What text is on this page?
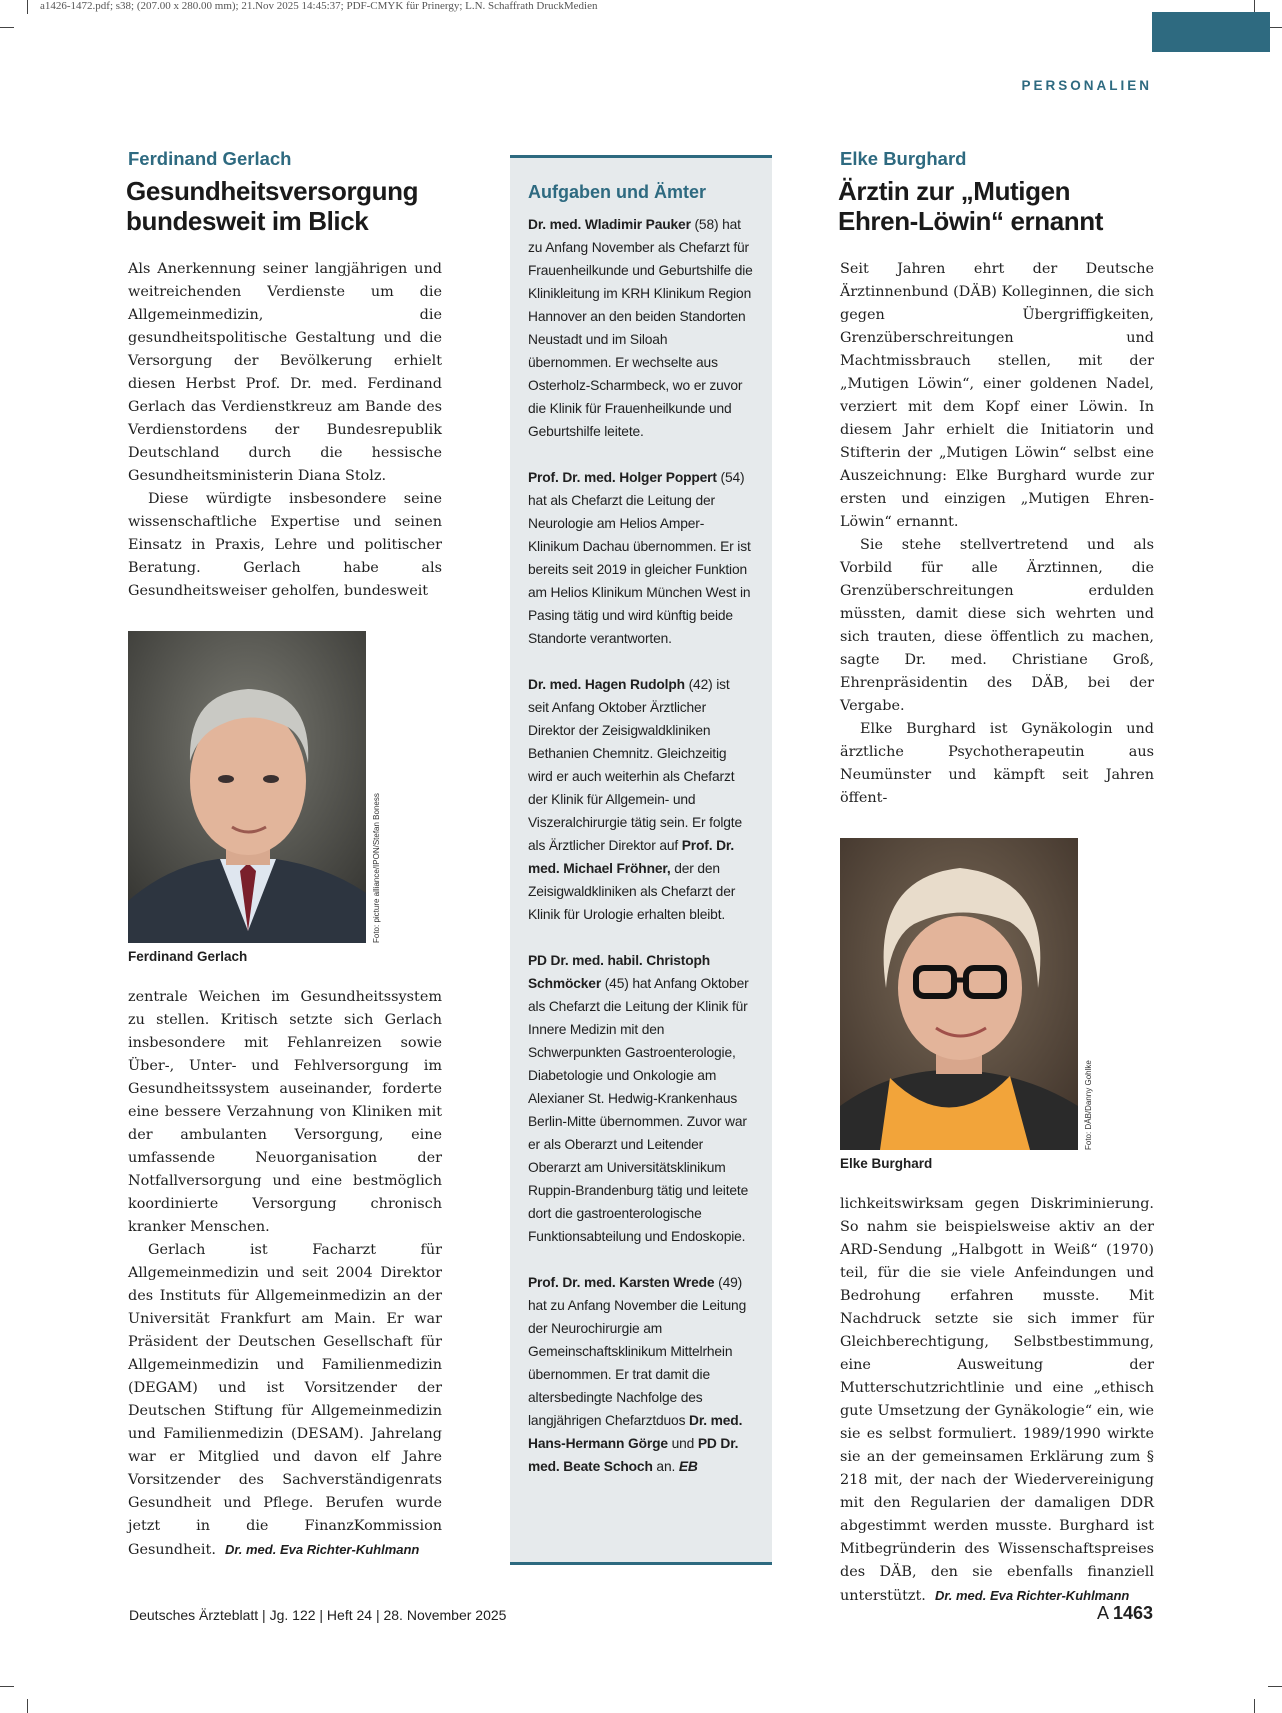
a1426-1472.pdf; s38; (207.00 x 280.00 mm); 21.Nov 2025 14:45:37; PDF-CMYK für Prinergy; L.N. Schaffrath DruckMedien
PERSONALIEN
Ferdinand Gerlach
Gesundheitsversorgung
bundesweit im Blick

Als Anerkennung seiner langjährigen und weitreichenden Verdienste um die Allgemeinmedizin, die gesundheitspolitische Gestaltung und die Versorgung der Bevölkerung erhielt diesen Herbst Prof. Dr. med. Ferdinand Gerlach das Verdienstkreuz am Bande des Verdienstordens der Bundesrepublik Deutschland durch die hessische Gesundheitsministerin Diana Stolz.

Diese würdigte insbesondere seine wissenschaftliche Expertise und seinen Einsatz in Praxis, Lehre und politischer Beratung. Gerlach habe als Gesundheitsweiser geholfen, bundesweit

Foto: picture alliance/IPON/Stefan Boness

Ferdinand Gerlach

zentrale Weichen im Gesundheitssystem zu stellen. Kritisch setzte sich Gerlach insbesondere mit Fehlanreizen sowie Über-, Unter- und Fehlversorgung im Gesundheitssystem auseinander, forderte eine bessere Verzahnung von Kliniken mit der ambulanten Versorgung, eine umfassende Neuorganisation der Notfallversorgung und eine bestmöglich koordinierte Versorgung chronisch kranker Menschen.

Gerlach ist Facharzt für Allgemeinmedizin und seit 2004 Direktor des Instituts für Allgemeinmedizin an der Universität Frankfurt am Main. Er war Präsident der Deutschen Gesellschaft für Allgemeinmedizin und Familienmedizin (DEGAM) und ist Vorsitzender der Deutschen Stiftung für Allgemeinmedizin und Familienmedizin (DESAM). Jahrelang war er Mitglied und davon elf Jahre Vorsitzender des Sachverständigenrats Gesundheit und Pflege. Berufen wurde jetzt in die FinanzKommission Gesundheit. Dr. med. Eva Richter-Kuhlmann

Aufgaben und Ämter

Dr. med. Wladimir Pauker (58) hat zu Anfang November als Chefarzt für Frauenheilkunde und Geburtshilfe die Klinikleitung im KRH Klinikum Region Hannover an den beiden Standorten Neustadt und im Siloah übernommen. Er wechselte aus Osterholz-Scharmbeck, wo er zuvor die Klinik für Frauenheilkunde und Geburtshilfe leitete.

Prof. Dr. med. Holger Poppert (54) hat als Chefarzt die Leitung der Neurologie am Helios Amper-Klinikum Dachau übernommen. Er ist bereits seit 2019 in gleicher Funktion am Helios Klinikum München West in Pasing tätig und wird künftig beide Standorte verantworten.

Dr. med. Hagen Rudolph (42) ist seit Anfang Oktober Ärztlicher Direktor der Zeisigwaldkliniken Bethanien Chemnitz. Gleichzeitig wird er auch weiterhin als Chefarzt der Klinik für Allgemein- und Viszeralchirurgie tätig sein. Er folgte als Ärztlicher Direktor auf Prof. Dr. med. Michael Fröhner, der den Zeisigwaldkliniken als Chefarzt der Klinik für Urologie erhalten bleibt.

PD Dr. med. habil. Christoph Schmöcker (45) hat Anfang Oktober als Chefarzt die Leitung der Klinik für Innere Medizin mit den Schwerpunkten Gastroenterologie, Diabetologie und Onkologie am Alexianer St. Hedwig-Krankenhaus Berlin-Mitte übernommen. Zuvor war er als Oberarzt und Leitender Oberarzt am Universitätsklinikum Ruppin-Brandenburg tätig und leitete dort die gastroenterologische Funktionsabteilung und Endoskopie.

Prof. Dr. med. Karsten Wrede (49) hat zu Anfang November die Leitung der Neurochirurgie am Gemeinschaftsklinikum Mittelrhein übernommen. Er trat damit die altersbedingte Nachfolge des langjährigen Chefarztduos Dr. med. Hans-Hermann Görge und PD Dr. med. Beate Schoch an. EB

Elke Burghard
Ärztin zur „Mutigen
Ehren-Löwin“ ernannt

Seit Jahren ehrt der Deutsche Ärztinnenbund (DÄB) Kolleginnen, die sich gegen Übergriffigkeiten, Grenzüberschreitungen und Machtmissbrauch stellen, mit der „Mutigen Löwin“, einer goldenen Nadel, verziert mit dem Kopf einer Löwin. In diesem Jahr erhielt die Initiatorin und Stifterin der „Mutigen Löwin“ selbst eine Auszeichnung: Elke Burghard wurde zur ersten und einzigen „Mutigen Ehren-Löwin“ ernannt.

Sie stehe stellvertretend und als Vorbild für alle Ärztinnen, die Grenzüberschreitungen erdulden müssten, damit diese sich wehrten und sich trauten, diese öffentlich zu machen, sagte Dr. med. Christiane Groß, Ehrenpräsidentin des DÄB, bei der Vergabe.

Elke Burghard ist Gynäkologin und ärztliche Psychotherapeutin aus Neumünster und kämpft seit Jahren öffent-

Foto: DÄB/Danny Gohlke

Elke Burghard

lichkeitswirksam gegen Diskriminierung. So nahm sie beispielsweise aktiv an der ARD-Sendung „Halbgott in Weiß“ (1970) teil, für die sie viele Anfeindungen und Bedrohung erfahren musste. Mit Nachdruck setzte sie sich immer für Gleichberechtigung, Selbstbestimmung, eine Ausweitung der Mutterschutzrichtlinie und eine „ethisch gute Umsetzung der Gynäkologie“ ein, wie sie es selbst formuliert. 1989/1990 wirkte sie an der gemeinsamen Erklärung zum § 218 mit, der nach der Wiedervereinigung mit den Regularien der damaligen DDR abgestimmt werden musste. Burghard ist Mitbegründerin des Wissenschaftspreises des DÄB, den sie ebenfalls finanziell unterstützt. Dr. med. Eva Richter-Kuhlmann

Deutsches Ärzteblatt | Jg. 122 | Heft 24 | 28. November 2025	A 1463
